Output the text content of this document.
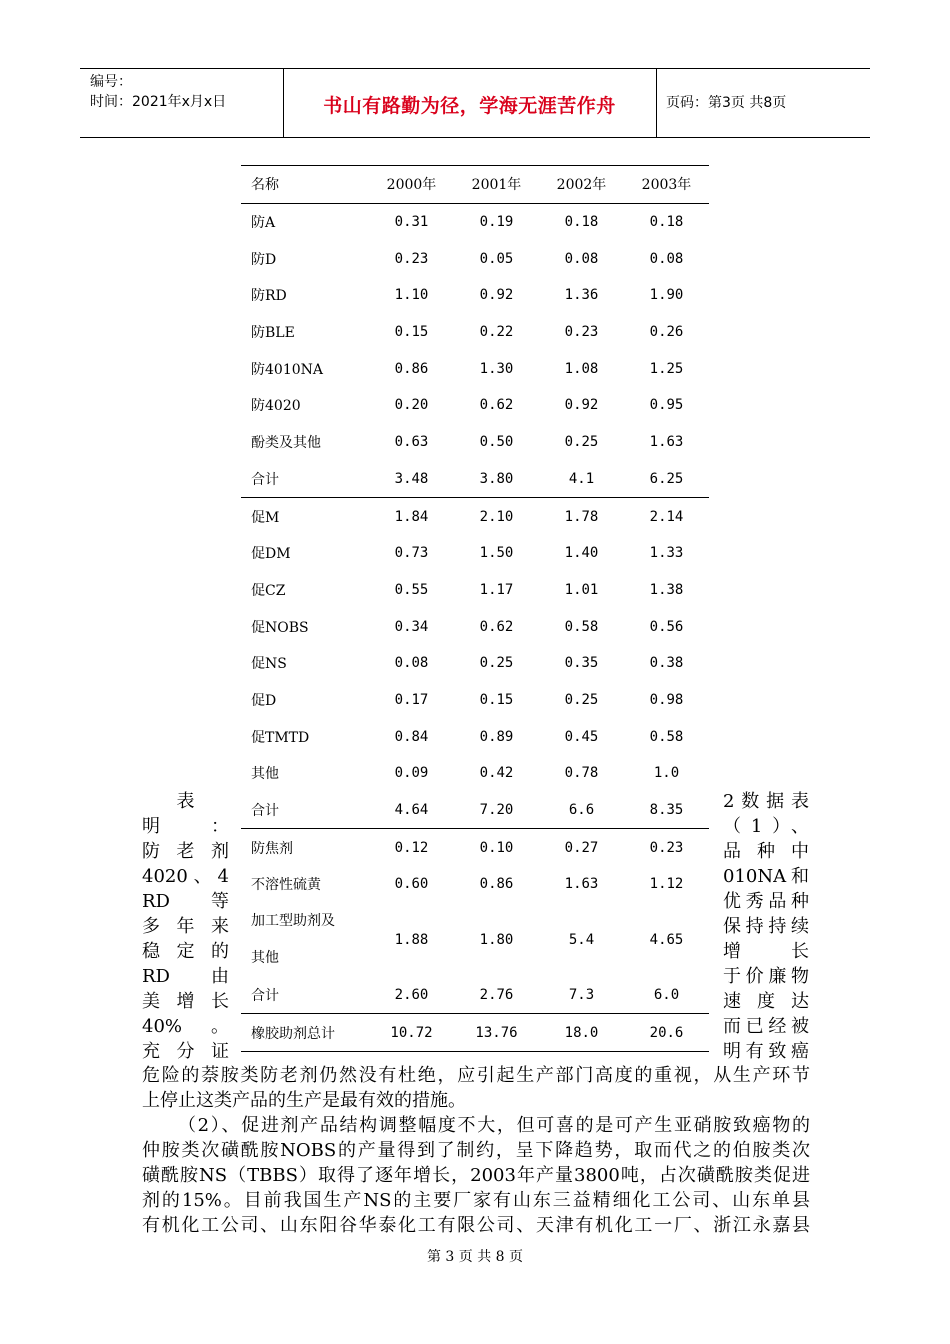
编号：
时间：2021年x月x日	书山有路勤为径，学海无涯苦作舟	页码：第3页 共8页
名称	2000年	2001年	2002年	2003年
防A	0.31	0.19	0.18	0.18
防D	0.23	0.05	0.08	0.08
防RD	1.10	0.92	1.36	1.90
防BLE	0.15	0.22	0.23	0.26
防4010NA	0.86	1.30	1.08	1.25
防4020	0.20	0.62	0.92	0.95
酚类及其他	0.63	0.50	0.25	1.63
合计	3.48	3.80	4.1	6.25
促M	1.84	2.10	1.78	2.14
促DM	0.73	1.50	1.40	1.33
促CZ	0.55	1.17	1.01	1.38
促NOBS	0.34	0.62	0.58	0.56
促NS	0.08	0.25	0.35	0.38
促D	0.17	0.15	0.25	0.98
促TMTD	0.84	0.89	0.45	0.58
其他	0.09	0.42	0.78	1.0
合计	4.64	7.20	6.6	8.35
防焦剂	0.12	0.10	0.27	0.23
不溶性硫黄	0.60	0.86	1.63	1.12

加工型助剂及
其他	1.88	1.80	5.4	4.65
合计	2.60	2.76	7.3	6.0
橡胶助剂总计	10.72	13.76	18.0	20.6
表
明　：
防老剂
4020、4
RD　等
多年来
稳定的
RD　由
美增长
40%　。
充分证
2数据表
（1）、
品种中
010NA和
优秀品种
保持持续
增　长
于价廉物
速度达
而已经被
明有致癌
危险的萘胺类防老剂仍然没有杜绝，应引起生产部门高度的重视，从生产环节
上停止这类产品的生产是最有效的措施。
（2）、促进剂产品结构调整幅度不大，但可喜的是可产生亚硝胺致癌物的
仲胺类次磺酰胺NOBS的产量得到了制约，呈下降趋势，取而代之的伯胺类次
磺酰胺NS（TBBS）取得了逐年增长，2003年产量3800吨，占次磺酰胺类促进
剂的15%。目前我国生产NS的主要厂家有山东三益精细化工公司、山东单县
有机化工公司、山东阳谷华泰化工有限公司、天津有机化工一厂、浙江永嘉县
第 3 页 共 8 页
